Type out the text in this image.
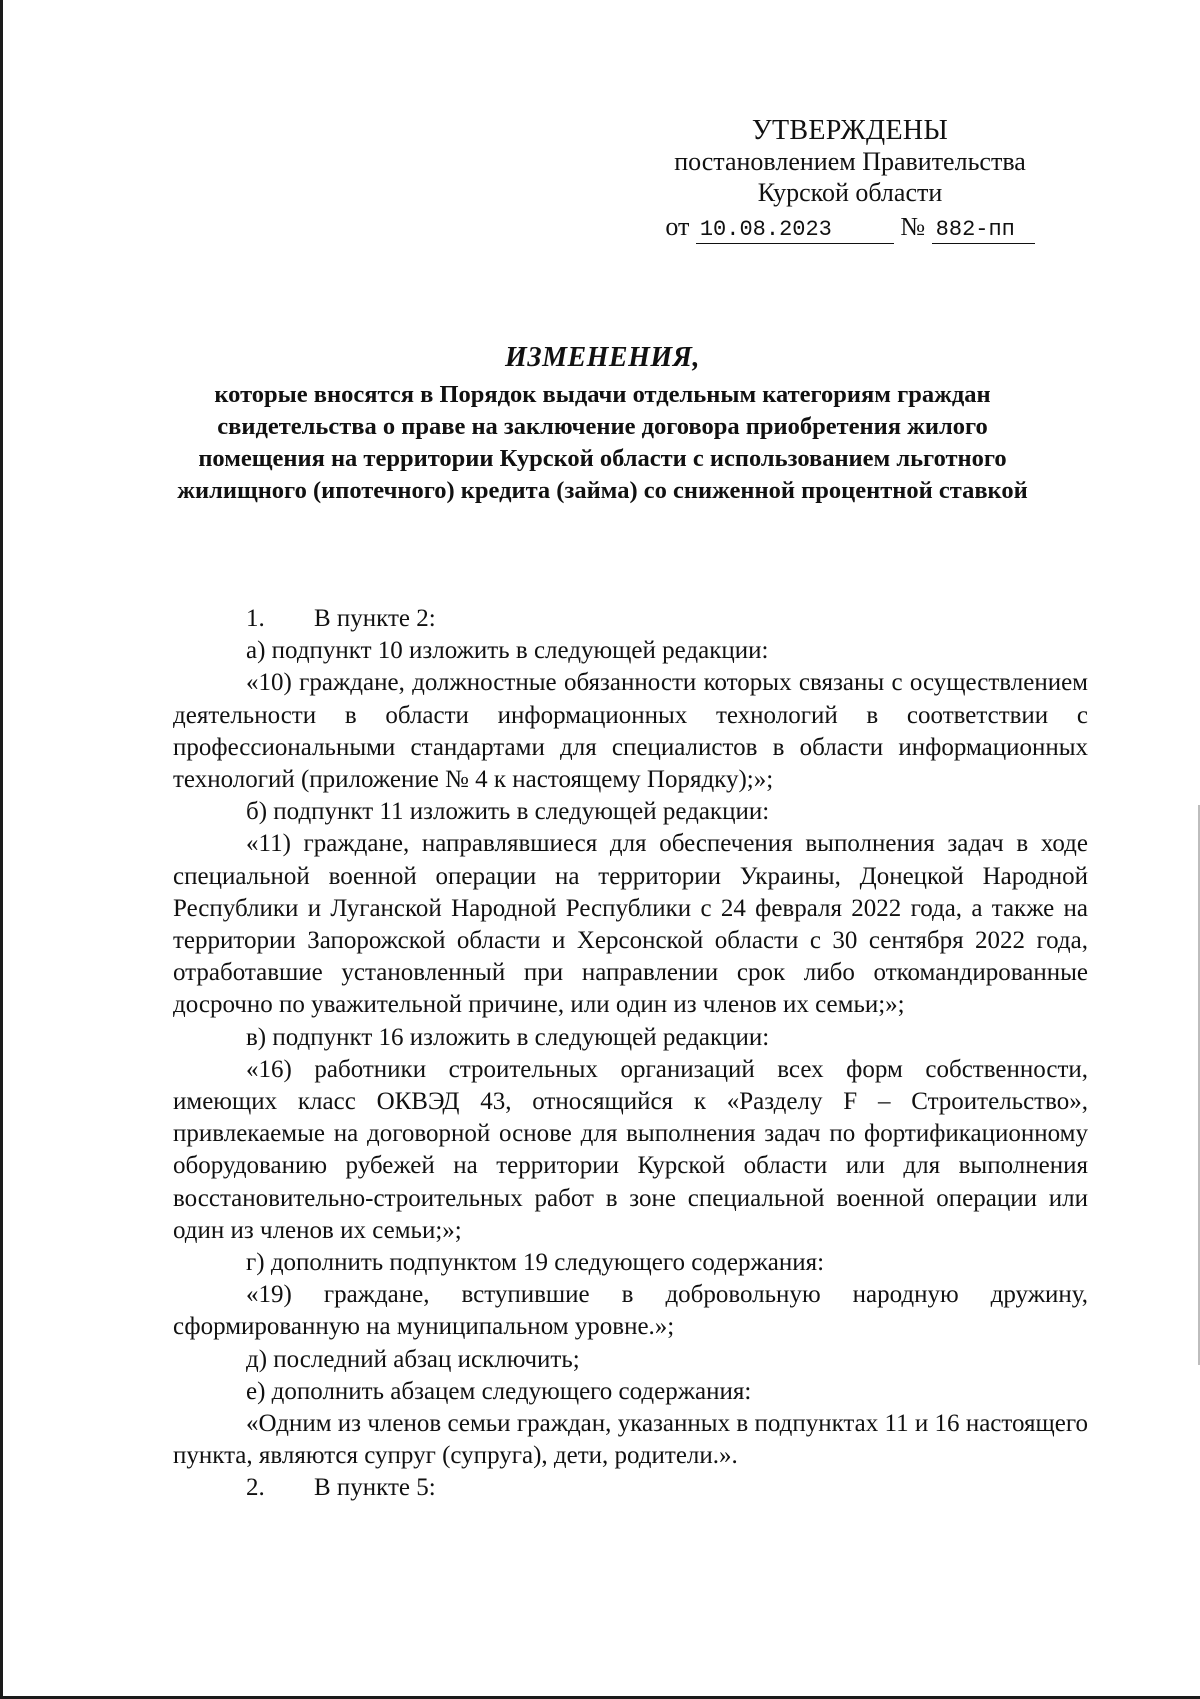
УТВЕРЖДЕНЫ
постановлением Правительства
Курской области
от 10.08.2023	№ 882-пп
ИЗМЕНЕНИЯ,
которые вносятся в Порядок выдачи отдельным категориям граждан свидетельства о праве на заключение договора приобретения жилого помещения на территории Курской области с использованием льготного жилищного (ипотечного) кредита (займа) со сниженной процентной ставкой

1. В пункте 2:

а) подпункт 10 изложить в следующей редакции:

«10) граждане, должностные обязанности которых связаны с осуществлением деятельности в области информационных технологий в соответствии с профессиональными стандартами для специалистов в области информационных технологий (приложение № 4 к настоящему Порядку);»;

б) подпункт 11 изложить в следующей редакции:

«11) граждане, направлявшиеся для обеспечения выполнения задач в ходе специальной военной операции на территории Украины, Донецкой Народной Республики и Луганской Народной Республики с 24 февраля 2022 года, а также на территории Запорожской области и Херсонской области с 30 сентября 2022 года, отработавшие установленный при направлении срок либо откомандированные досрочно по уважительной причине, или один из членов их семьи;»;

в) подпункт 16 изложить в следующей редакции:

«16) работники строительных организаций всех форм собственности, имеющих класс ОКВЭД 43, относящийся к «Разделу F – Строительство», привлекаемые на договорной основе для выполнения задач по фортификационному оборудованию рубежей на территории Курской области или для выполнения восстановительно-строительных работ в зоне специальной военной операции или один из членов их семьи;»;

г) дополнить подпунктом 19 следующего содержания:

«19) граждане, вступившие в добровольную народную дружину, сформированную на муниципальном уровне.»;

д) последний абзац исключить;

е) дополнить абзацем следующего содержания:

«Одним из членов семьи граждан, указанных в подпунктах 11 и 16 настоящего пункта, являются супруг (супруга), дети, родители.».

2. В пункте 5:
